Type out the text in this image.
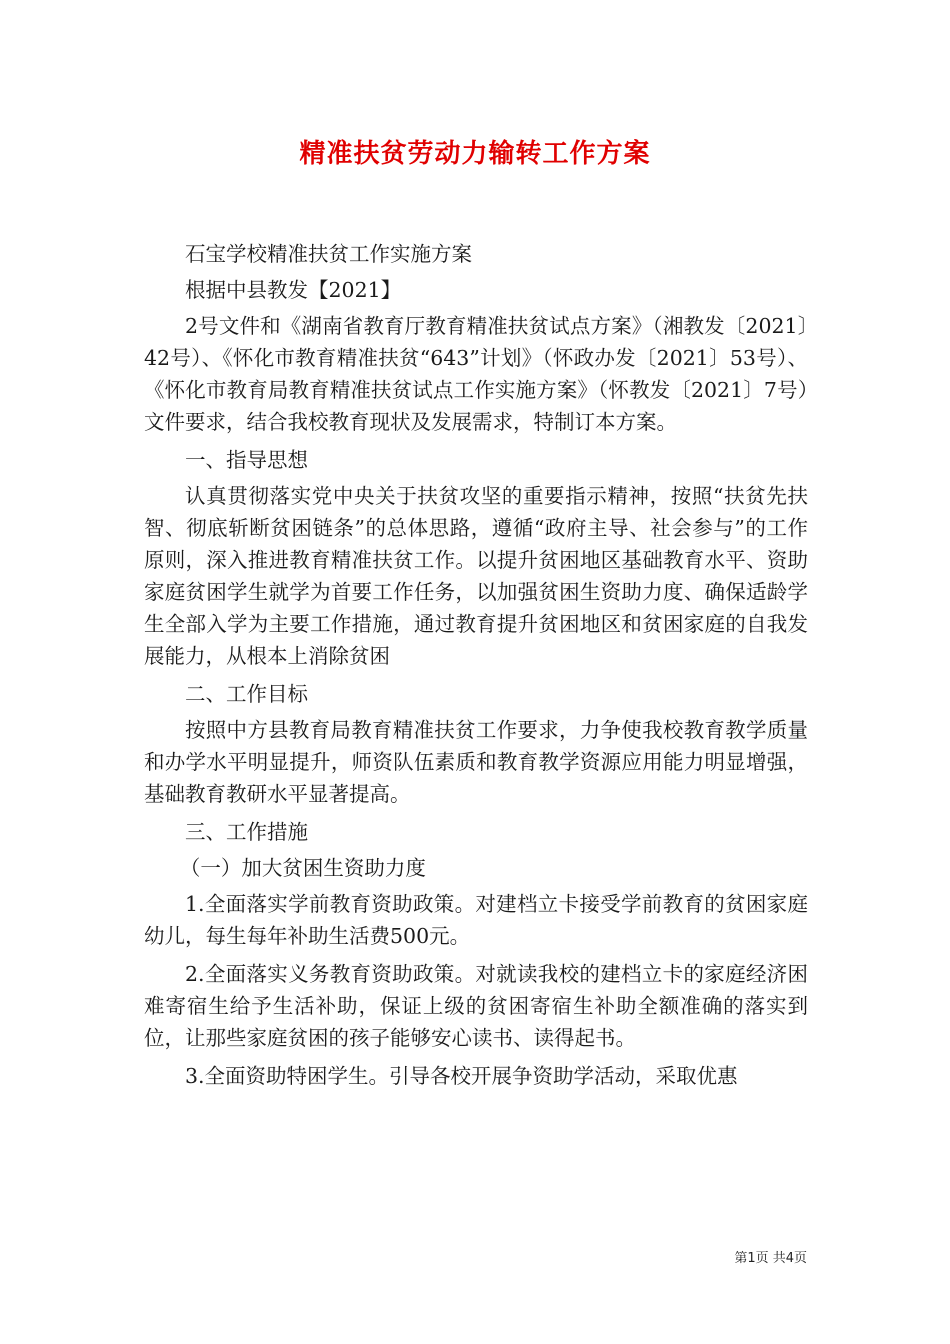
精准扶贫劳动力输转工作方案

石宝学校精准扶贫工作实施方案

根据中县教发【2021】

2号文件和《湖南省教育厅教育精准扶贫试点方案》（湘教发〔2021〕42号）、《怀化市教育精准扶贫“643”计划》（怀政办发〔2021〕53号）、《怀化市教育局教育精准扶贫试点工作实施方案》（怀教发〔2021〕7号）文件要求，结合我校教育现状及发展需求，特制订本方案。

一、指导思想

认真贯彻落实党中央关于扶贫攻坚的重要指示精神，按照“扶贫先扶智、彻底斩断贫困链条”的总体思路，遵循“政府主导、社会参与”的工作原则，深入推进教育精准扶贫工作。以提升贫困地区基础教育水平、资助家庭贫困学生就学为首要工作任务，以加强贫困生资助力度、确保适龄学生全部入学为主要工作措施，通过教育提升贫困地区和贫困家庭的自我发展能力，从根本上消除贫困

二、工作目标

按照中方县教育局教育精准扶贫工作要求，力争使我校教育教学质量和办学水平明显提升，师资队伍素质和教育教学资源应用能力明显增强，基础教育教研水平显著提高。

三、工作措施

（一）加大贫困生资助力度

1.全面落实学前教育资助政策。对建档立卡接受学前教育的贫困家庭幼儿，每生每年补助生活费500元。

2.全面落实义务教育资助政策。对就读我校的建档立卡的家庭经济困难寄宿生给予生活补助，保证上级的贫困寄宿生补助全额准确的落实到位，让那些家庭贫困的孩子能够安心读书、读得起书。

3.全面资助特困学生。引导各校开展争资助学活动，采取优惠

第1页 共4页
